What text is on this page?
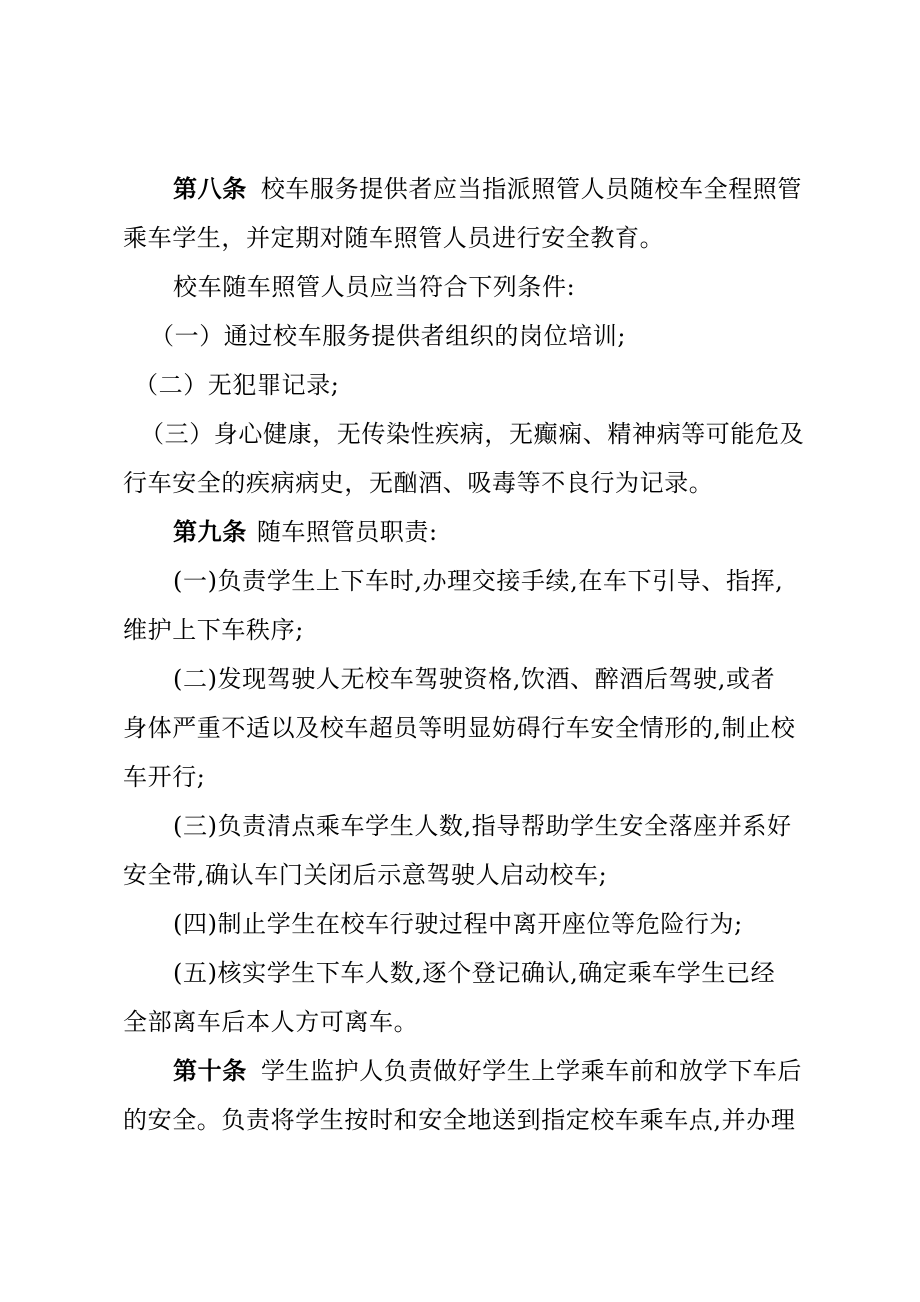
第八条 校车服务提供者应当指派照管人员随校车全程照管
乘车学生，并定期对随车照管人员进行安全教育。
校车随车照管人员应当符合下列条件:
（一）通过校车服务提供者组织的岗位培训;
（二）无犯罪记录;
（三）身心健康，无传染性疾病，无癫痫、精神病等可能危及
行车安全的疾病病史，无酗酒、吸毒等不良行为记录。
第九条 随车照管员职责:
(一)负责学生上下车时,办理交接手续,在车下引导、指挥,
维护上下车秩序;
(二)发现驾驶人无校车驾驶资格,饮酒、醉酒后驾驶,或者
身体严重不适以及校车超员等明显妨碍行车安全情形的,制止校
车开行;
(三)负责清点乘车学生人数,指导帮助学生安全落座并系好
安全带,确认车门关闭后示意驾驶人启动校车;
(四)制止学生在校车行驶过程中离开座位等危险行为;
(五)核实学生下车人数,逐个登记确认,确定乘车学生已经
全部离车后本人方可离车。
第十条 学生监护人负责做好学生上学乘车前和放学下车后
的安全。负责将学生按时和安全地送到指定校车乘车点,并办理
